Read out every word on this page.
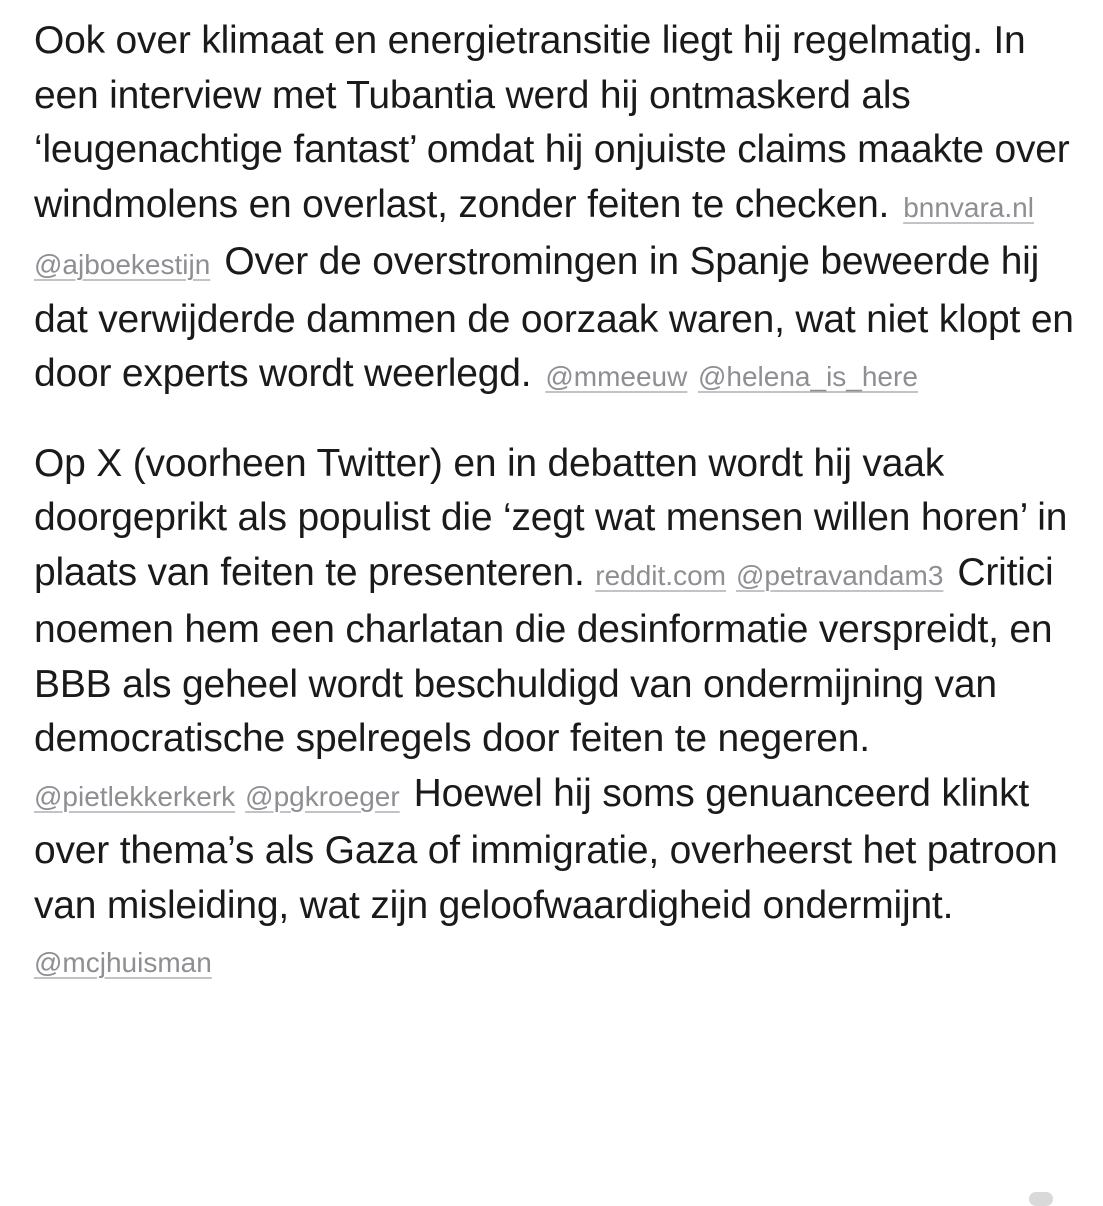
Ook over klimaat en energietransitie liegt hij regelmatig. In een interview met Tubantia werd hij ontmaskerd als ‘leugenachtige fantast’ omdat hij onjuiste claims maakte over windmolens en overlast, zonder feiten te checken. bnnvara.nl@ajboekestijn Over de overstromingen in Spanje beweerde hij dat verwijderde dammen de oorzaak waren, wat niet klopt en door experts wordt weerlegd. @mmeeuw @helena_is_here

Op X (voorheen Twitter) en in debatten wordt hij vaak doorgeprikt als populist die ‘zegt wat mensen willen horen’ in plaats van feiten te presenteren. reddit.com @petravandam3 Critici noemen hem een charlatan die desinformatie verspreidt, en BBB als geheel wordt beschuldigd van ondermijning van democratische spelregels door feiten te negeren. @pietlekkerkerk @pgkroeger Hoewel hij soms genuanceerd klinkt over thema’s als Gaza of immigratie, overheerst het patroon van misleiding, wat zijn geloofwaardigheid ondermijnt.@mcjhuisman
